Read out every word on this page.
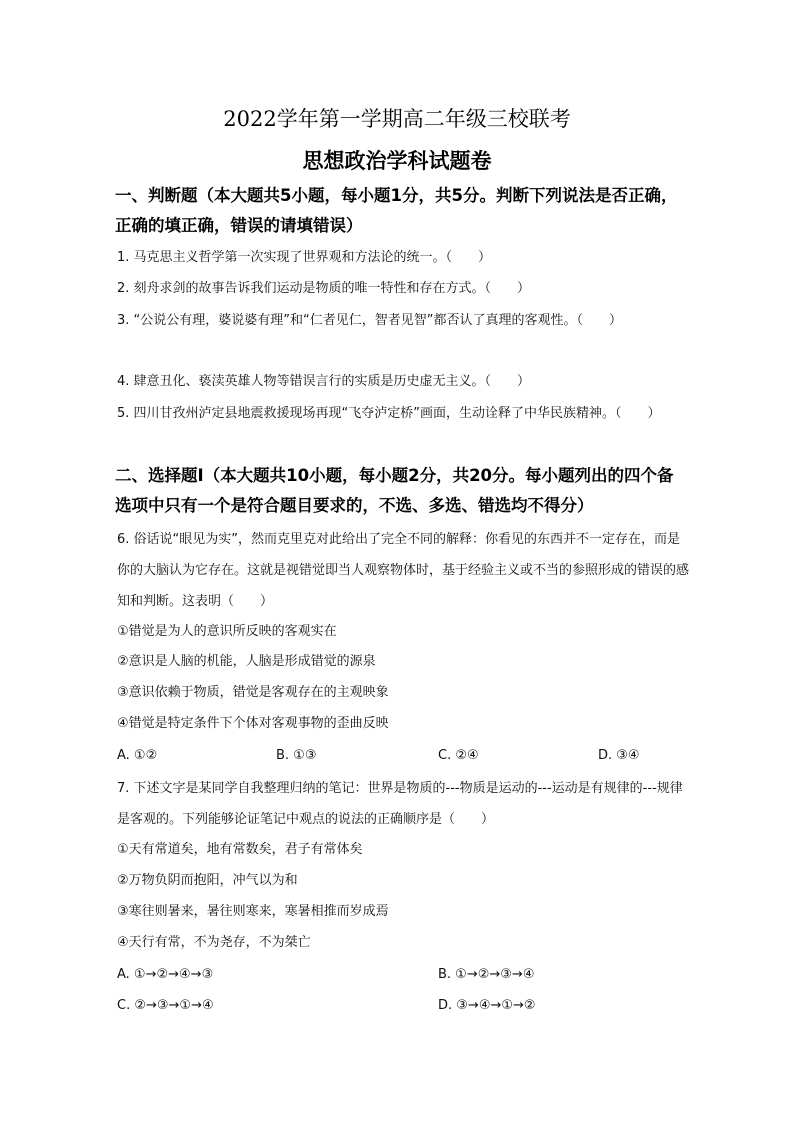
2022学年第一学期高二年级三校联考
思想政治学科试题卷
一、判断题（本大题共5小题，每小题1分，共5分。判断下列说法是否正确，正确的填正确，错误的请填错误）
1. 马克思主义哲学第一次实现了世界观和方法论的统一。（　　）
2. 刻舟求剑的故事告诉我们运动是物质的唯一特性和存在方式。（　　）
3. “公说公有理，婆说婆有理”和“仁者见仁，智者见智”都否认了真理的客观性。（　　）
4. 肆意丑化、亵渎英雄人物等错误言行的实质是历史虚无主义。（　　）
5. 四川甘孜州泸定县地震救援现场再现“飞夺泸定桥”画面，生动诠释了中华民族精神。（　　）
二、选择题Ⅰ（本大题共10小题，每小题2分，共20分。每小题列出的四个备选项中只有一个是符合题目要求的，不选、多选、错选均不得分）
6. 俗话说“眼见为实”，然而克里克对此给出了完全不同的解释：你看见的东西并不一定存在，而是你的大脑认为它存在。这就是视错觉即当人观察物体时，基于经验主义或不当的参照形成的错误的感知和判断。这表明（　　）
①错觉是为人的意识所反映的客观实在
②意识是人脑的机能，人脑是形成错觉的源泉
③意识依赖于物质，错觉是客观存在的主观映象
④错觉是特定条件下个体对客观事物的歪曲反映
A. ①②	B. ①③	C. ②④	D. ③④
7. 下述文字是某同学自我整理归纳的笔记：世界是物质的---物质是运动的---运动是有规律的---规律是客观的。下列能够论证笔记中观点的说法的正确顺序是（　　）
①天有常道矣，地有常数矣，君子有常体矣
②万物负阴而抱阳，冲气以为和
③寒往则暑来，暑往则寒来，寒暑相推而岁成焉
④天行有常，不为尧存，不为桀亡
A. ①→②→④→③	B. ①→②→③→④
C. ②→③→①→④	D. ③→④→①→②
